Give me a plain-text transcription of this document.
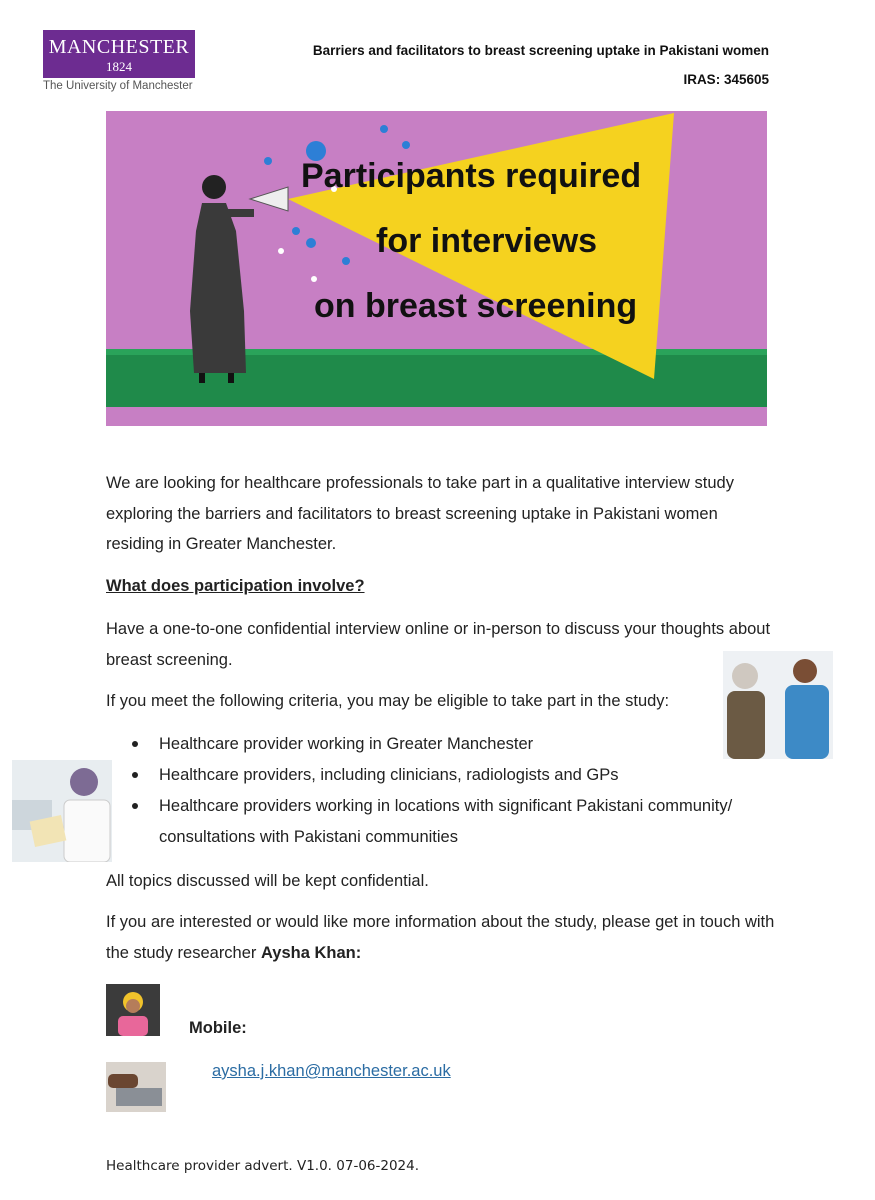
MANCHESTER
1824
The University of Manchester
Barriers and facilitators to breast screening uptake in Pakistani women
IRAS: 345605
Participants required
for interviews
on breast screening
We are looking for healthcare professionals to take part in a qualitative interview study exploring the barriers and facilitators to breast screening uptake in Pakistani women residing in Greater Manchester.
What does participation involve?
Have a one-to-one confidential interview online or in-person to discuss your thoughts about breast screening.
If you meet the following criteria, you may be eligible to take part in the study:
Healthcare provider working in Greater Manchester
Healthcare providers, including clinicians, radiologists and GPs
Healthcare providers working in locations with significant Pakistani community/ consultations with Pakistani communities
All topics discussed will be kept confidential.
If you are interested or would like more information about the study, please get in touch with the study researcher Aysha Khan:
Mobile:
aysha.j.khan@manchester.ac.uk
Healthcare provider advert. V1.0. 07-06-2024.
